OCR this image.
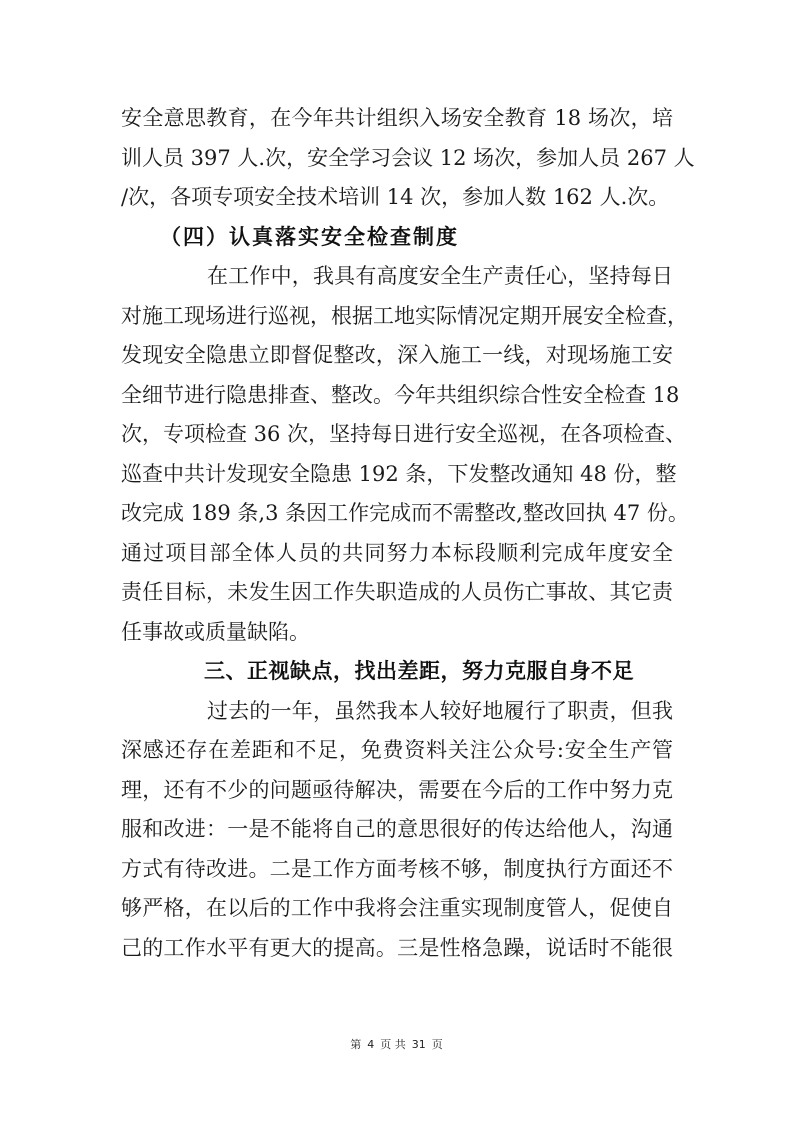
安全意思教育，在今年共计组织入场安全教育 18 场次，培
训人员 397 人.次，安全学习会议 12 场次，参加人员 267 人
/次，各项专项安全技术培训 14 次，参加人数 162 人.次。
（四）认真落实安全检查制度
在工作中，我具有高度安全生产责任心，坚持每日
对施工现场进行巡视，根据工地实际情况定期开展安全检查，
发现安全隐患立即督促整改，深入施工一线，对现场施工安
全细节进行隐患排查、整改。今年共组织综合性安全检查 18
次，专项检查 36 次，坚持每日进行安全巡视，在各项检查、
巡查中共计发现安全隐患 192 条，下发整改通知 48 份，整
改完成 189 条,3 条因工作完成而不需整改,整改回执 47 份。
通过项目部全体人员的共同努力本标段顺利完成年度安全
责任目标，未发生因工作失职造成的人员伤亡事故、其它责
任事故或质量缺陷。
三、正视缺点，找出差距，努力克服自身不足
过去的一年，虽然我本人较好地履行了职责，但我
深感还存在差距和不足，免费资料关注公众号:安全生产管
理，还有不少的问题亟待解决，需要在今后的工作中努力克
服和改进：一是不能将自己的意思很好的传达给他人，沟通
方式有待改进。二是工作方面考核不够，制度执行方面还不
够严格，在以后的工作中我将会注重实现制度管人，促使自
己的工作水平有更大的提高。三是性格急躁，说话时不能很
第 4 页 共 31 页
